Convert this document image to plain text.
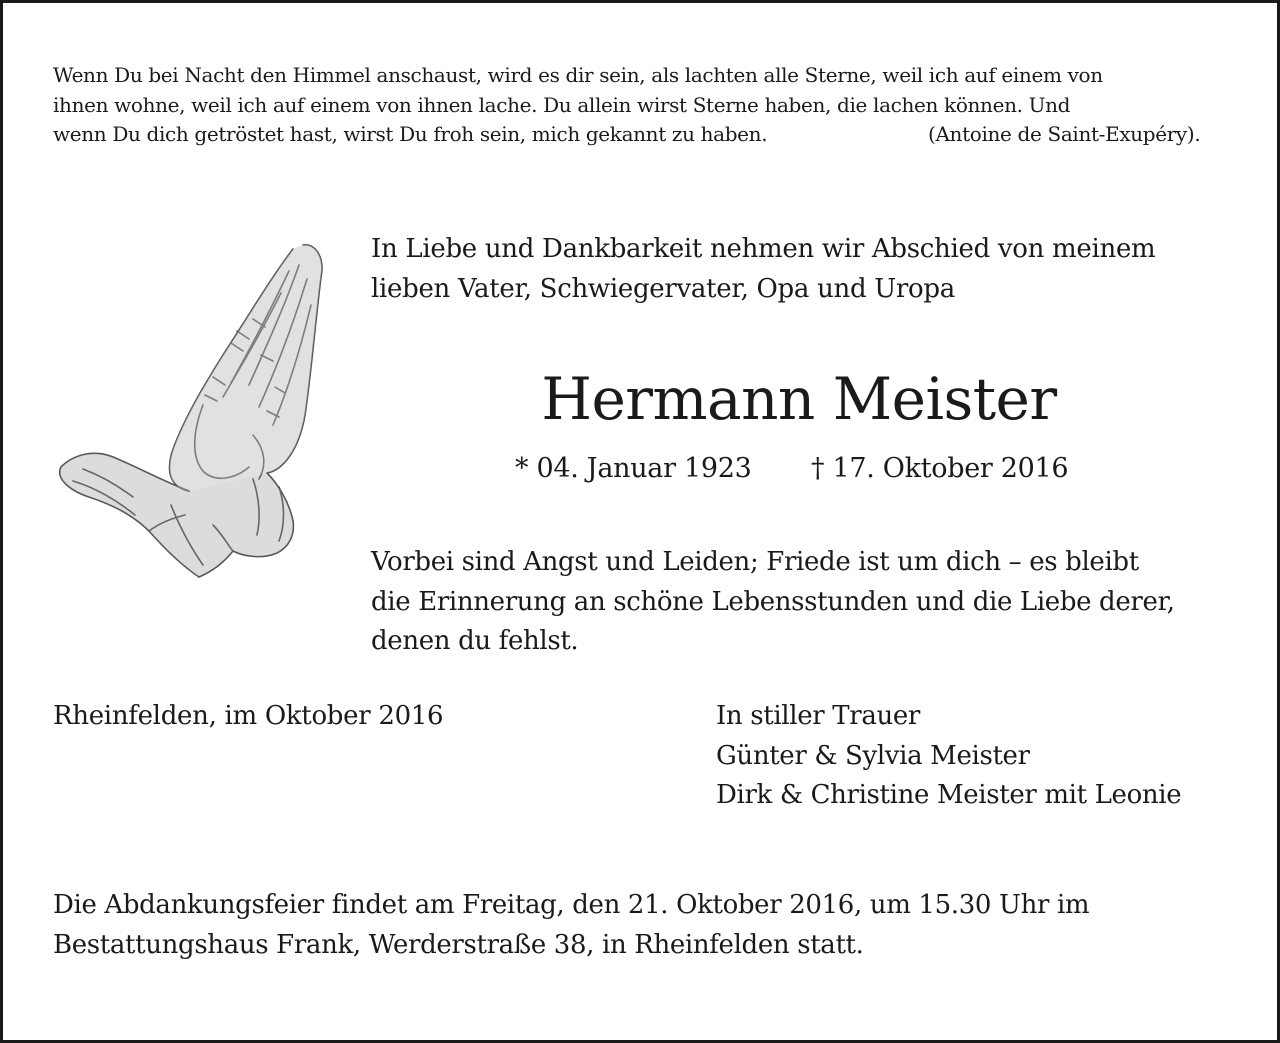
Wenn Du bei Nacht den Himmel anschaust, wird es dir sein, als lachten alle Sterne, weil ich auf einem von
ihnen wohne, weil ich auf einem von ihnen lache. Du allein wirst Sterne haben, die lachen können. Und
wenn Du dich getröstet hast, wirst Du froh sein, mich gekannt zu haben.	(Antoine de Saint-Exupéry).
In Liebe und Dankbarkeit nehmen wir Abschied von meinem
lieben Vater, Schwiegervater, Opa und Uropa
Hermann Meister
* 04. Januar 1923 † 17. Oktober 2016
Vorbei sind Angst und Leiden; Friede ist um dich – es bleibt
die Erinnerung an schöne Lebensstunden und die Liebe derer,
denen du fehlst.
Rheinfelden, im Oktober 2016	In stiller Trauer
Günter & Sylvia Meister
Dirk & Christine Meister mit Leonie
Die Abdankungsfeier findet am Freitag, den 21. Oktober 2016, um 15.30 Uhr im
Bestattungshaus Frank, Werderstraße 38, in Rheinfelden statt.
